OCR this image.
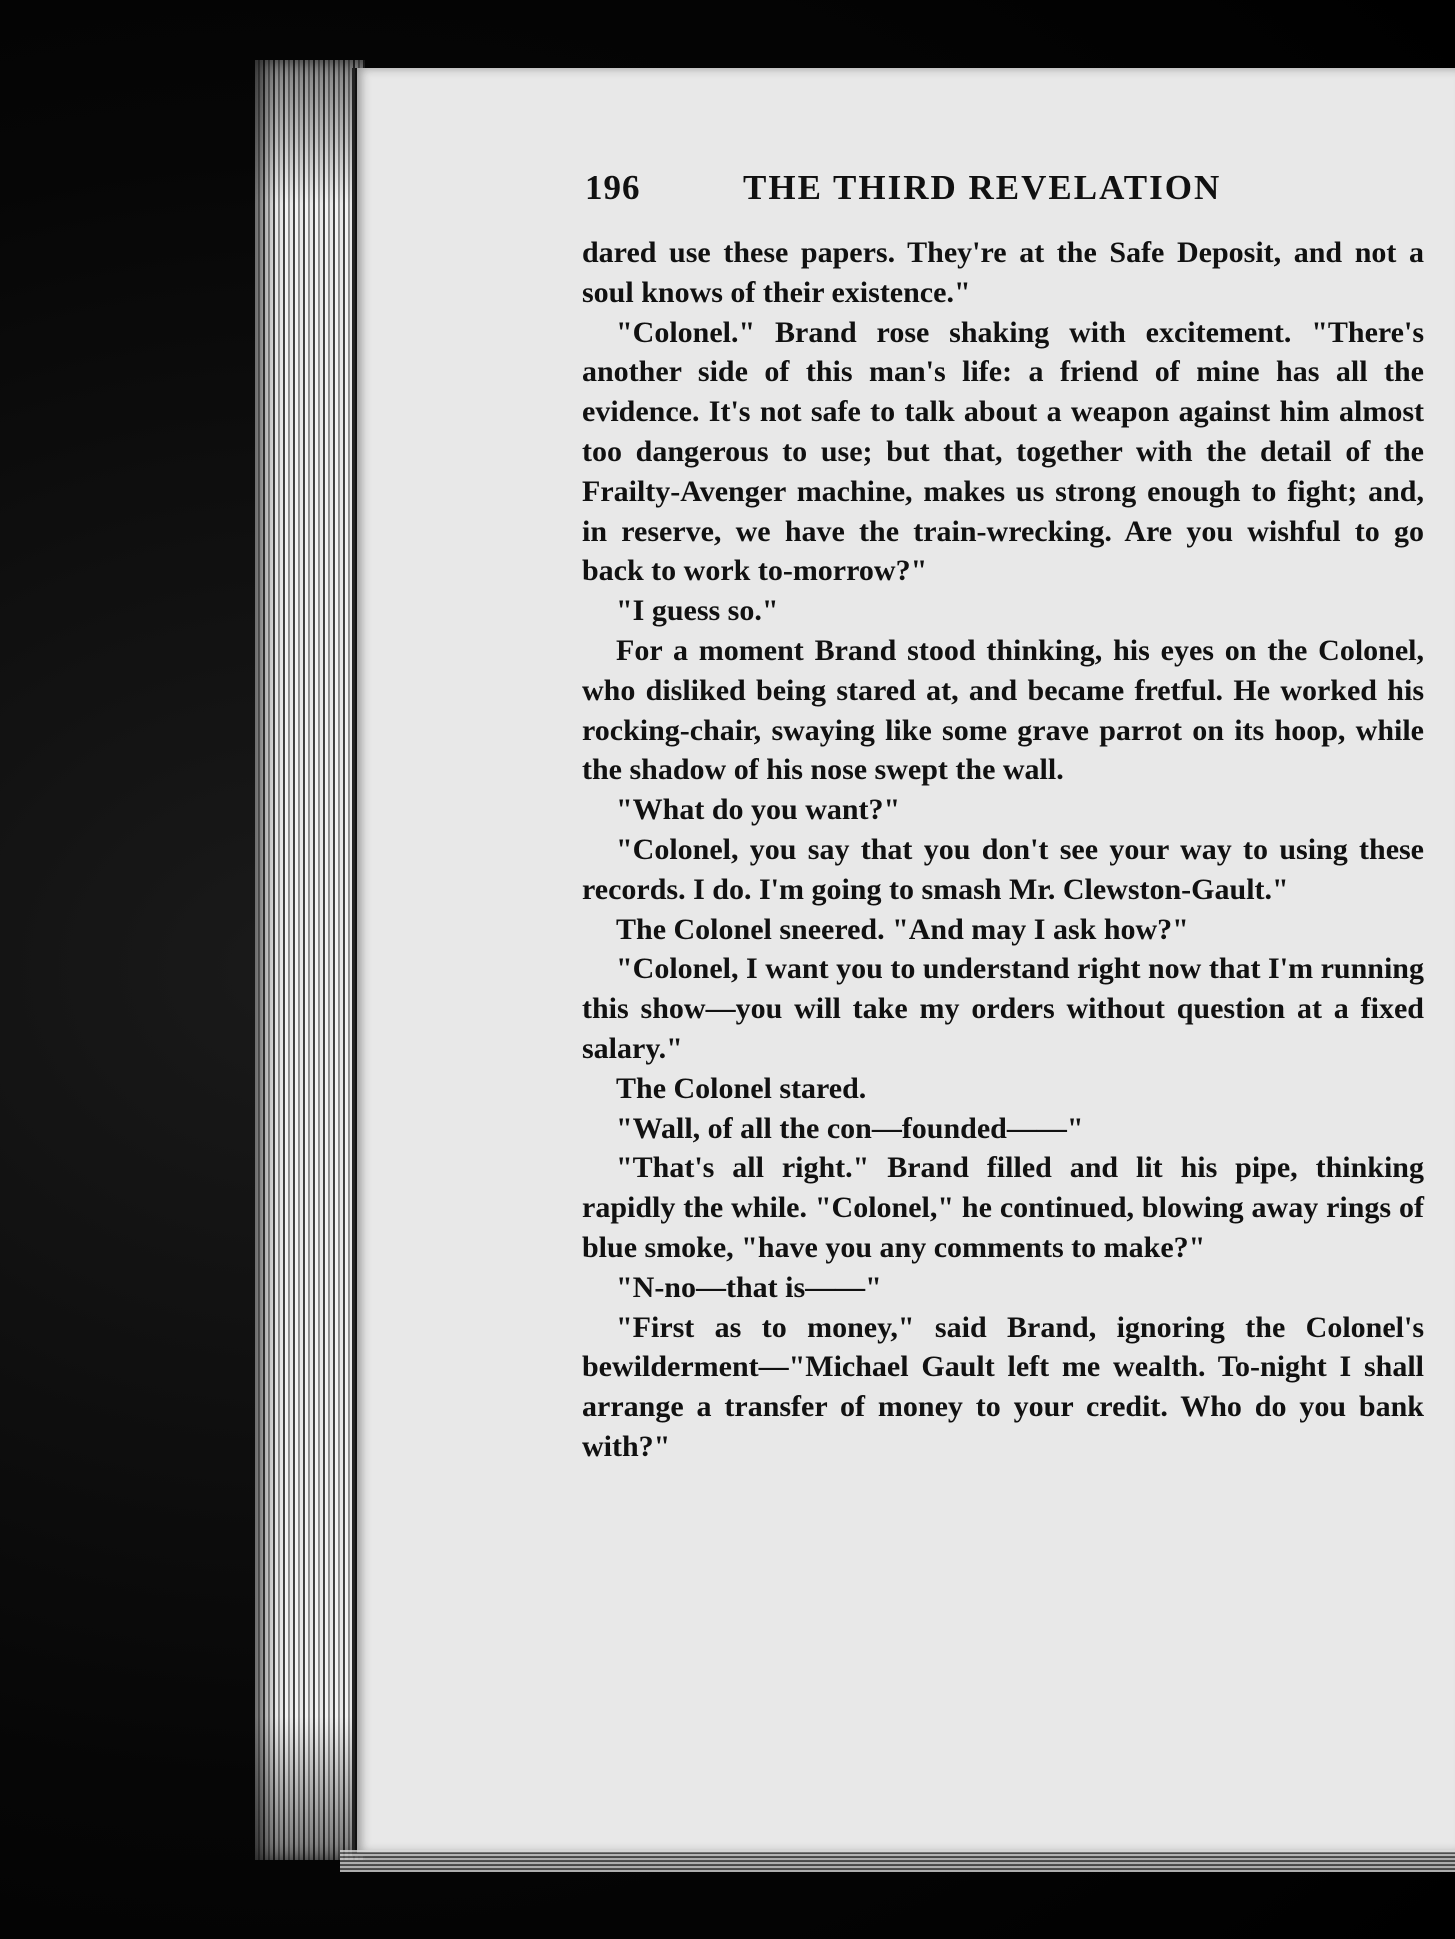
196	THE THIRD REVELATION

dared use these papers. They're at the Safe Deposit, and not a soul knows of their existence."

"Colonel." Brand rose shaking with excitement. "There's another side of this man's life: a friend of mine has all the evidence. It's not safe to talk about a weapon against him almost too dangerous to use; but that, together with the detail of the Frailty-Avenger machine, makes us strong enough to fight; and, in reserve, we have the train-wrecking. Are you wishful to go back to work to-morrow?"

"I guess so."

For a moment Brand stood thinking, his eyes on the Colonel, who disliked being stared at, and became fretful. He worked his rocking-chair, swaying like some grave parrot on its hoop, while the shadow of his nose swept the wall.

"What do you want?"

"Colonel, you say that you don't see your way to using these records. I do. I'm going to smash Mr. Clewston-Gault."

The Colonel sneered. "And may I ask how?"

"Colonel, I want you to understand right now that I'm running this show—you will take my orders without question at a fixed salary."

The Colonel stared.

"Wall, of all the con—founded——"

"That's all right." Brand filled and lit his pipe, thinking rapidly the while. "Colonel," he continued, blowing away rings of blue smoke, "have you any comments to make?"

"N-no—that is——"

"First as to money," said Brand, ignoring the Colonel's bewilderment—"Michael Gault left me wealth. To-night I shall arrange a transfer of money to your credit. Who do you bank with?"
